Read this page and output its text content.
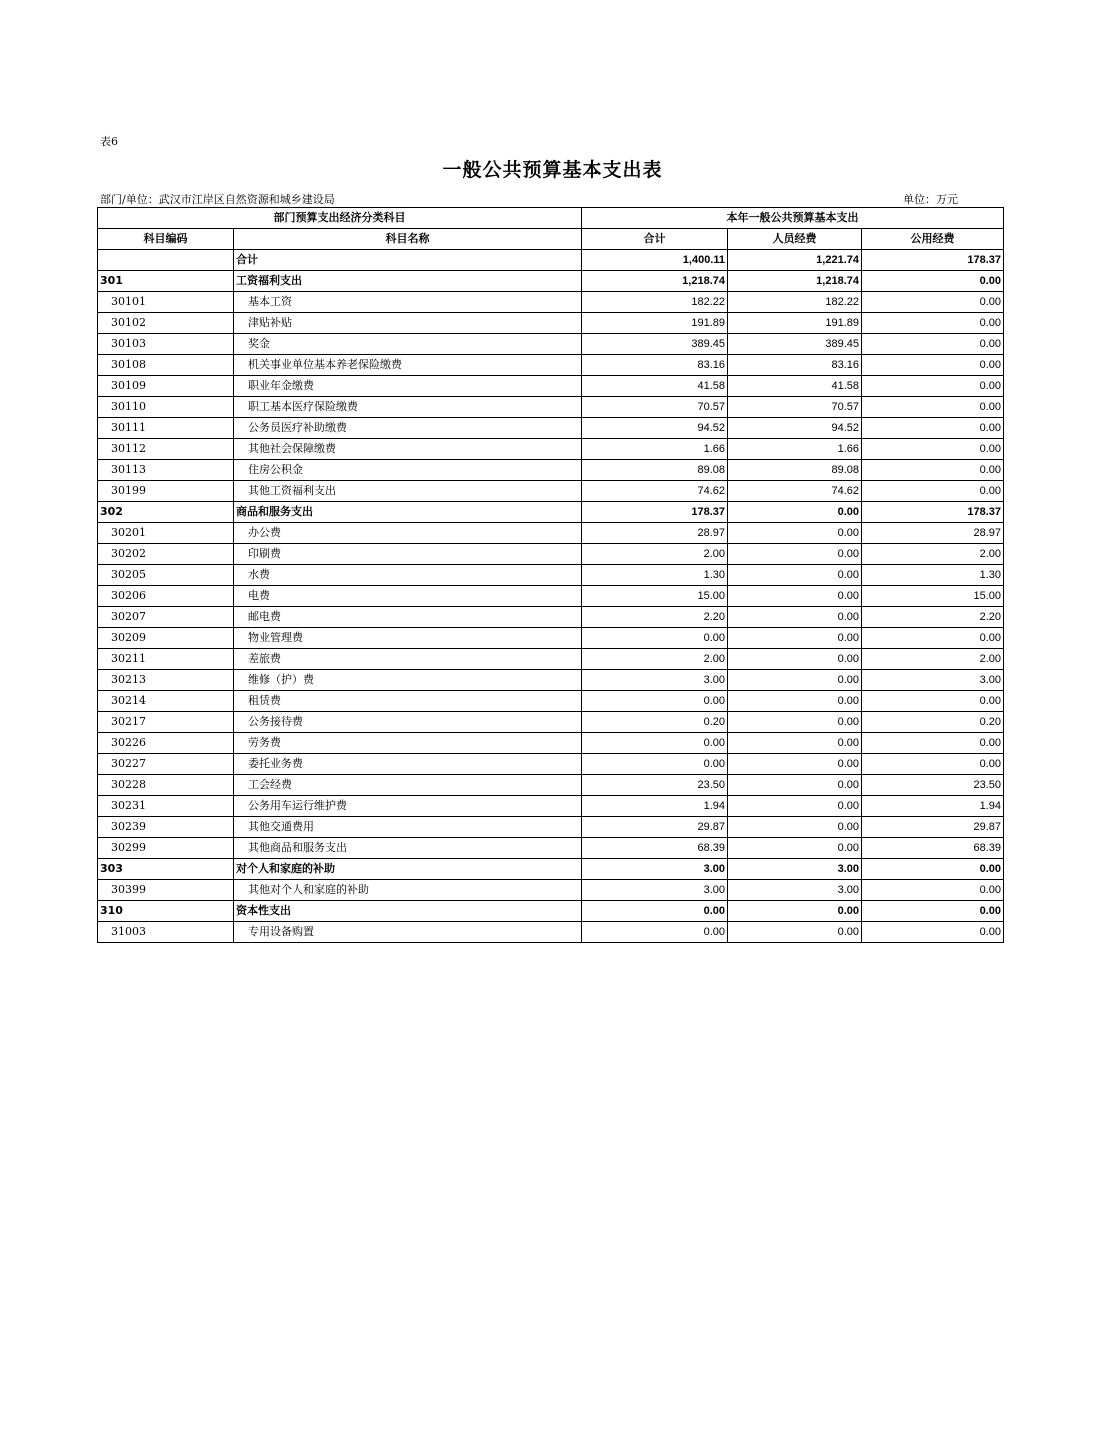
表6
一般公共预算基本支出表
部门/单位：武汉市江岸区自然资源和城乡建设局	单位：万元
部门预算支出经济分类科目		本年一般公共预算基本支出		
科目编码	科目名称	合计	人员经费	公用经费
	合计	1,400.11	1,221.74	178.37
301	工资福利支出	1,218.74	1,218.74	0.00
30101	基本工资	182.22	182.22	0.00
30102	津贴补贴	191.89	191.89	0.00
30103	奖金	389.45	389.45	0.00
30108	机关事业单位基本养老保险缴费	83.16	83.16	0.00
30109	职业年金缴费	41.58	41.58	0.00
30110	职工基本医疗保险缴费	70.57	70.57	0.00
30111	公务员医疗补助缴费	94.52	94.52	0.00
30112	其他社会保障缴费	1.66	1.66	0.00
30113	住房公积金	89.08	89.08	0.00
30199	其他工资福利支出	74.62	74.62	0.00
302	商品和服务支出	178.37	0.00	178.37
30201	办公费	28.97	0.00	28.97
30202	印刷费	2.00	0.00	2.00
30205	水费	1.30	0.00	1.30
30206	电费	15.00	0.00	15.00
30207	邮电费	2.20	0.00	2.20
30209	物业管理费	0.00	0.00	0.00
30211	差旅费	2.00	0.00	2.00
30213	维修（护）费	3.00	0.00	3.00
30214	租赁费	0.00	0.00	0.00
30217	公务接待费	0.20	0.00	0.20
30226	劳务费	0.00	0.00	0.00
30227	委托业务费	0.00	0.00	0.00
30228	工会经费	23.50	0.00	23.50
30231	公务用车运行维护费	1.94	0.00	1.94
30239	其他交通费用	29.87	0.00	29.87
30299	其他商品和服务支出	68.39	0.00	68.39
303	对个人和家庭的补助	3.00	3.00	0.00
30399	其他对个人和家庭的补助	3.00	3.00	0.00
310	资本性支出	0.00	0.00	0.00
31003	专用设备购置	0.00	0.00	0.00
